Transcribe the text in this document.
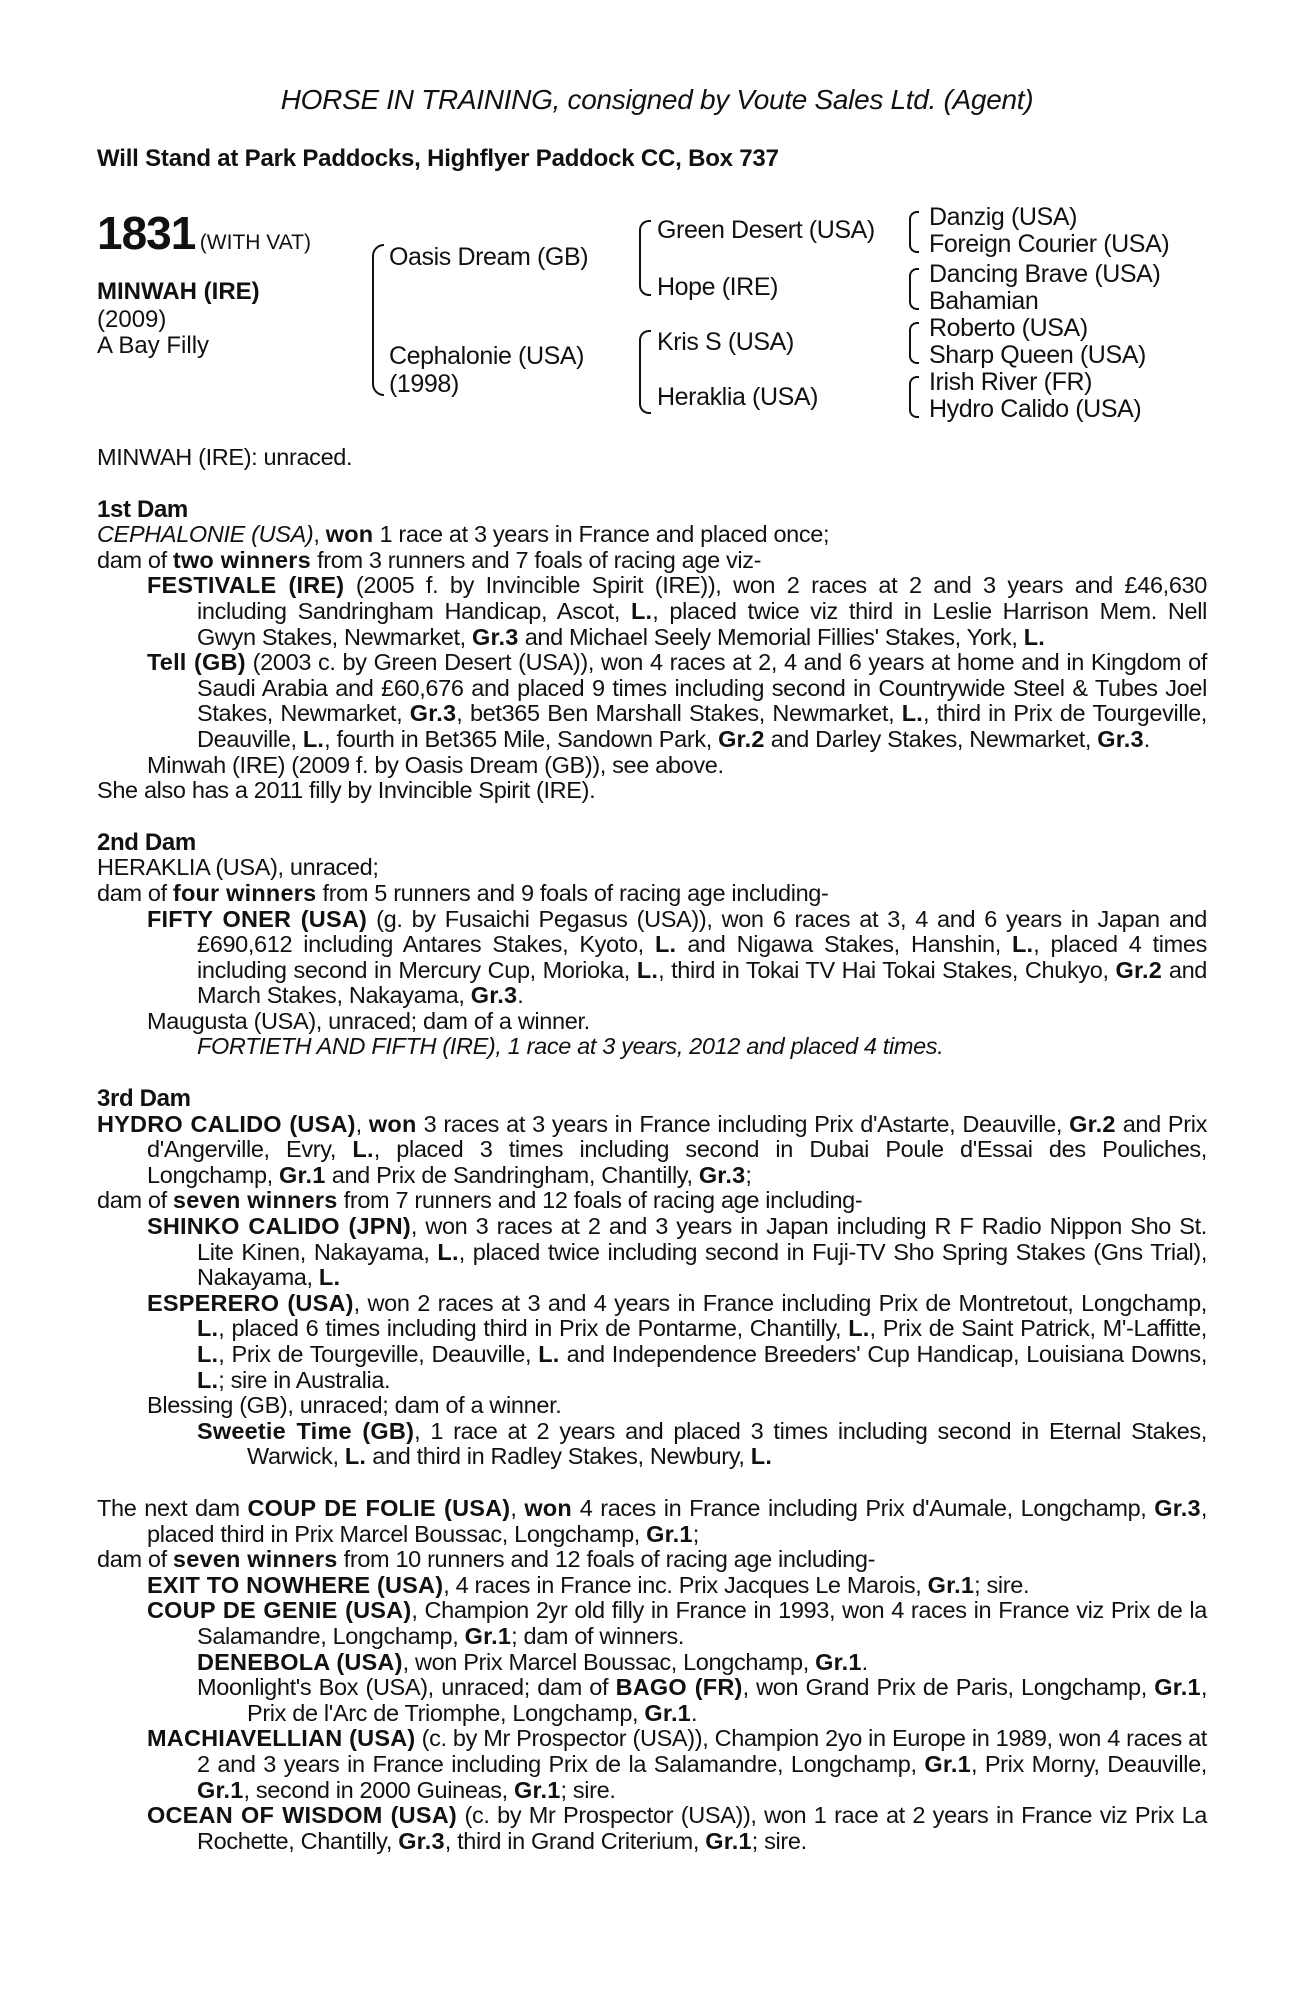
HORSE IN TRAINING, consigned by Voute Sales Ltd. (Agent)
Will Stand at Park Paddocks, Highflyer Paddock CC, Box 737
1831 (WITH VAT)
MINWAH (IRE)
(2009)
A Bay Filly
Oasis Dream (GB)
Cephalonie (USA)
(1998)
Green Desert (USA)
Hope (IRE)
Kris S (USA)
Heraklia (USA)
Danzig (USA)
Foreign Courier (USA)
Dancing Brave (USA)
Bahamian
Roberto (USA)
Sharp Queen (USA)
Irish River (FR)
Hydro Calido (USA)

MINWAH (IRE): unraced.

1st Dam

CEPHALONIE (USA), won 1 race at 3 years in France and placed once;

dam of two winners from 3 runners and 7 foals of racing age viz-

FESTIVALE (IRE) (2005 f. by Invincible Spirit (IRE)), won 2 races at 2 and 3 years and £46,630 including Sandringham Handicap, Ascot, L., placed twice viz third in Leslie Harrison Mem. Nell Gwyn Stakes, Newmarket, Gr.3 and Michael Seely Memorial Fillies' Stakes, York, L.

Tell (GB) (2003 c. by Green Desert (USA)), won 4 races at 2, 4 and 6 years at home and in Kingdom of Saudi Arabia and £60,676 and placed 9 times including second in Countrywide Steel & Tubes Joel Stakes, Newmarket, Gr.3, bet365 Ben Marshall Stakes, Newmarket, L., third in Prix de Tourgeville, Deauville, L., fourth in Bet365 Mile, Sandown Park, Gr.2 and Darley Stakes, Newmarket, Gr.3.

Minwah (IRE) (2009 f. by Oasis Dream (GB)), see above.

She also has a 2011 filly by Invincible Spirit (IRE).

2nd Dam

HERAKLIA (USA), unraced;

dam of four winners from 5 runners and 9 foals of racing age including-

FIFTY ONER (USA) (g. by Fusaichi Pegasus (USA)), won 6 races at 3, 4 and 6 years in Japan and £690,612 including Antares Stakes, Kyoto, L. and Nigawa Stakes, Hanshin, L., placed 4 times including second in Mercury Cup, Morioka, L., third in Tokai TV Hai Tokai Stakes, Chukyo, Gr.2 and March Stakes, Nakayama, Gr.3.

Maugusta (USA), unraced; dam of a winner.

FORTIETH AND FIFTH (IRE), 1 race at 3 years, 2012 and placed 4 times.

3rd Dam

HYDRO CALIDO (USA), won 3 races at 3 years in France including Prix d'Astarte, Deauville, Gr.2 and Prix d'Angerville, Evry, L., placed 3 times including second in Dubai Poule d'Essai des Pouliches, Longchamp, Gr.1 and Prix de Sandringham, Chantilly, Gr.3;

dam of seven winners from 7 runners and 12 foals of racing age including-

SHINKO CALIDO (JPN), won 3 races at 2 and 3 years in Japan including R F Radio Nippon Sho St. Lite Kinen, Nakayama, L., placed twice including second in Fuji-TV Sho Spring Stakes (Gns Trial), Nakayama, L.

ESPERERO (USA), won 2 races at 3 and 4 years in France including Prix de Montretout, Longchamp, L., placed 6 times including third in Prix de Pontarme, Chantilly, L., Prix de Saint Patrick, M'-Laffitte, L., Prix de Tourgeville, Deauville, L. and Independence Breeders' Cup Handicap, Louisiana Downs, L.; sire in Australia.

Blessing (GB), unraced; dam of a winner.

Sweetie Time (GB), 1 race at 2 years and placed 3 times including second in Eternal Stakes, Warwick, L. and third in Radley Stakes, Newbury, L.

The next dam COUP DE FOLIE (USA), won 4 races in France including Prix d'Aumale, Longchamp, Gr.3, placed third in Prix Marcel Boussac, Longchamp, Gr.1;

dam of seven winners from 10 runners and 12 foals of racing age including-

EXIT TO NOWHERE (USA), 4 races in France inc. Prix Jacques Le Marois, Gr.1; sire.

COUP DE GENIE (USA), Champion 2yr old filly in France in 1993, won 4 races in France viz Prix de la Salamandre, Longchamp, Gr.1; dam of winners.

DENEBOLA (USA), won Prix Marcel Boussac, Longchamp, Gr.1.

Moonlight's Box (USA), unraced; dam of BAGO (FR), won Grand Prix de Paris, Longchamp, Gr.1, Prix de l'Arc de Triomphe, Longchamp, Gr.1.

MACHIAVELLIAN (USA) (c. by Mr Prospector (USA)), Champion 2yo in Europe in 1989, won 4 races at 2 and 3 years in France including Prix de la Salamandre, Longchamp, Gr.1, Prix Morny, Deauville, Gr.1, second in 2000 Guineas, Gr.1; sire.

OCEAN OF WISDOM (USA) (c. by Mr Prospector (USA)), won 1 race at 2 years in France viz Prix La Rochette, Chantilly, Gr.3, third in Grand Criterium, Gr.1; sire.
